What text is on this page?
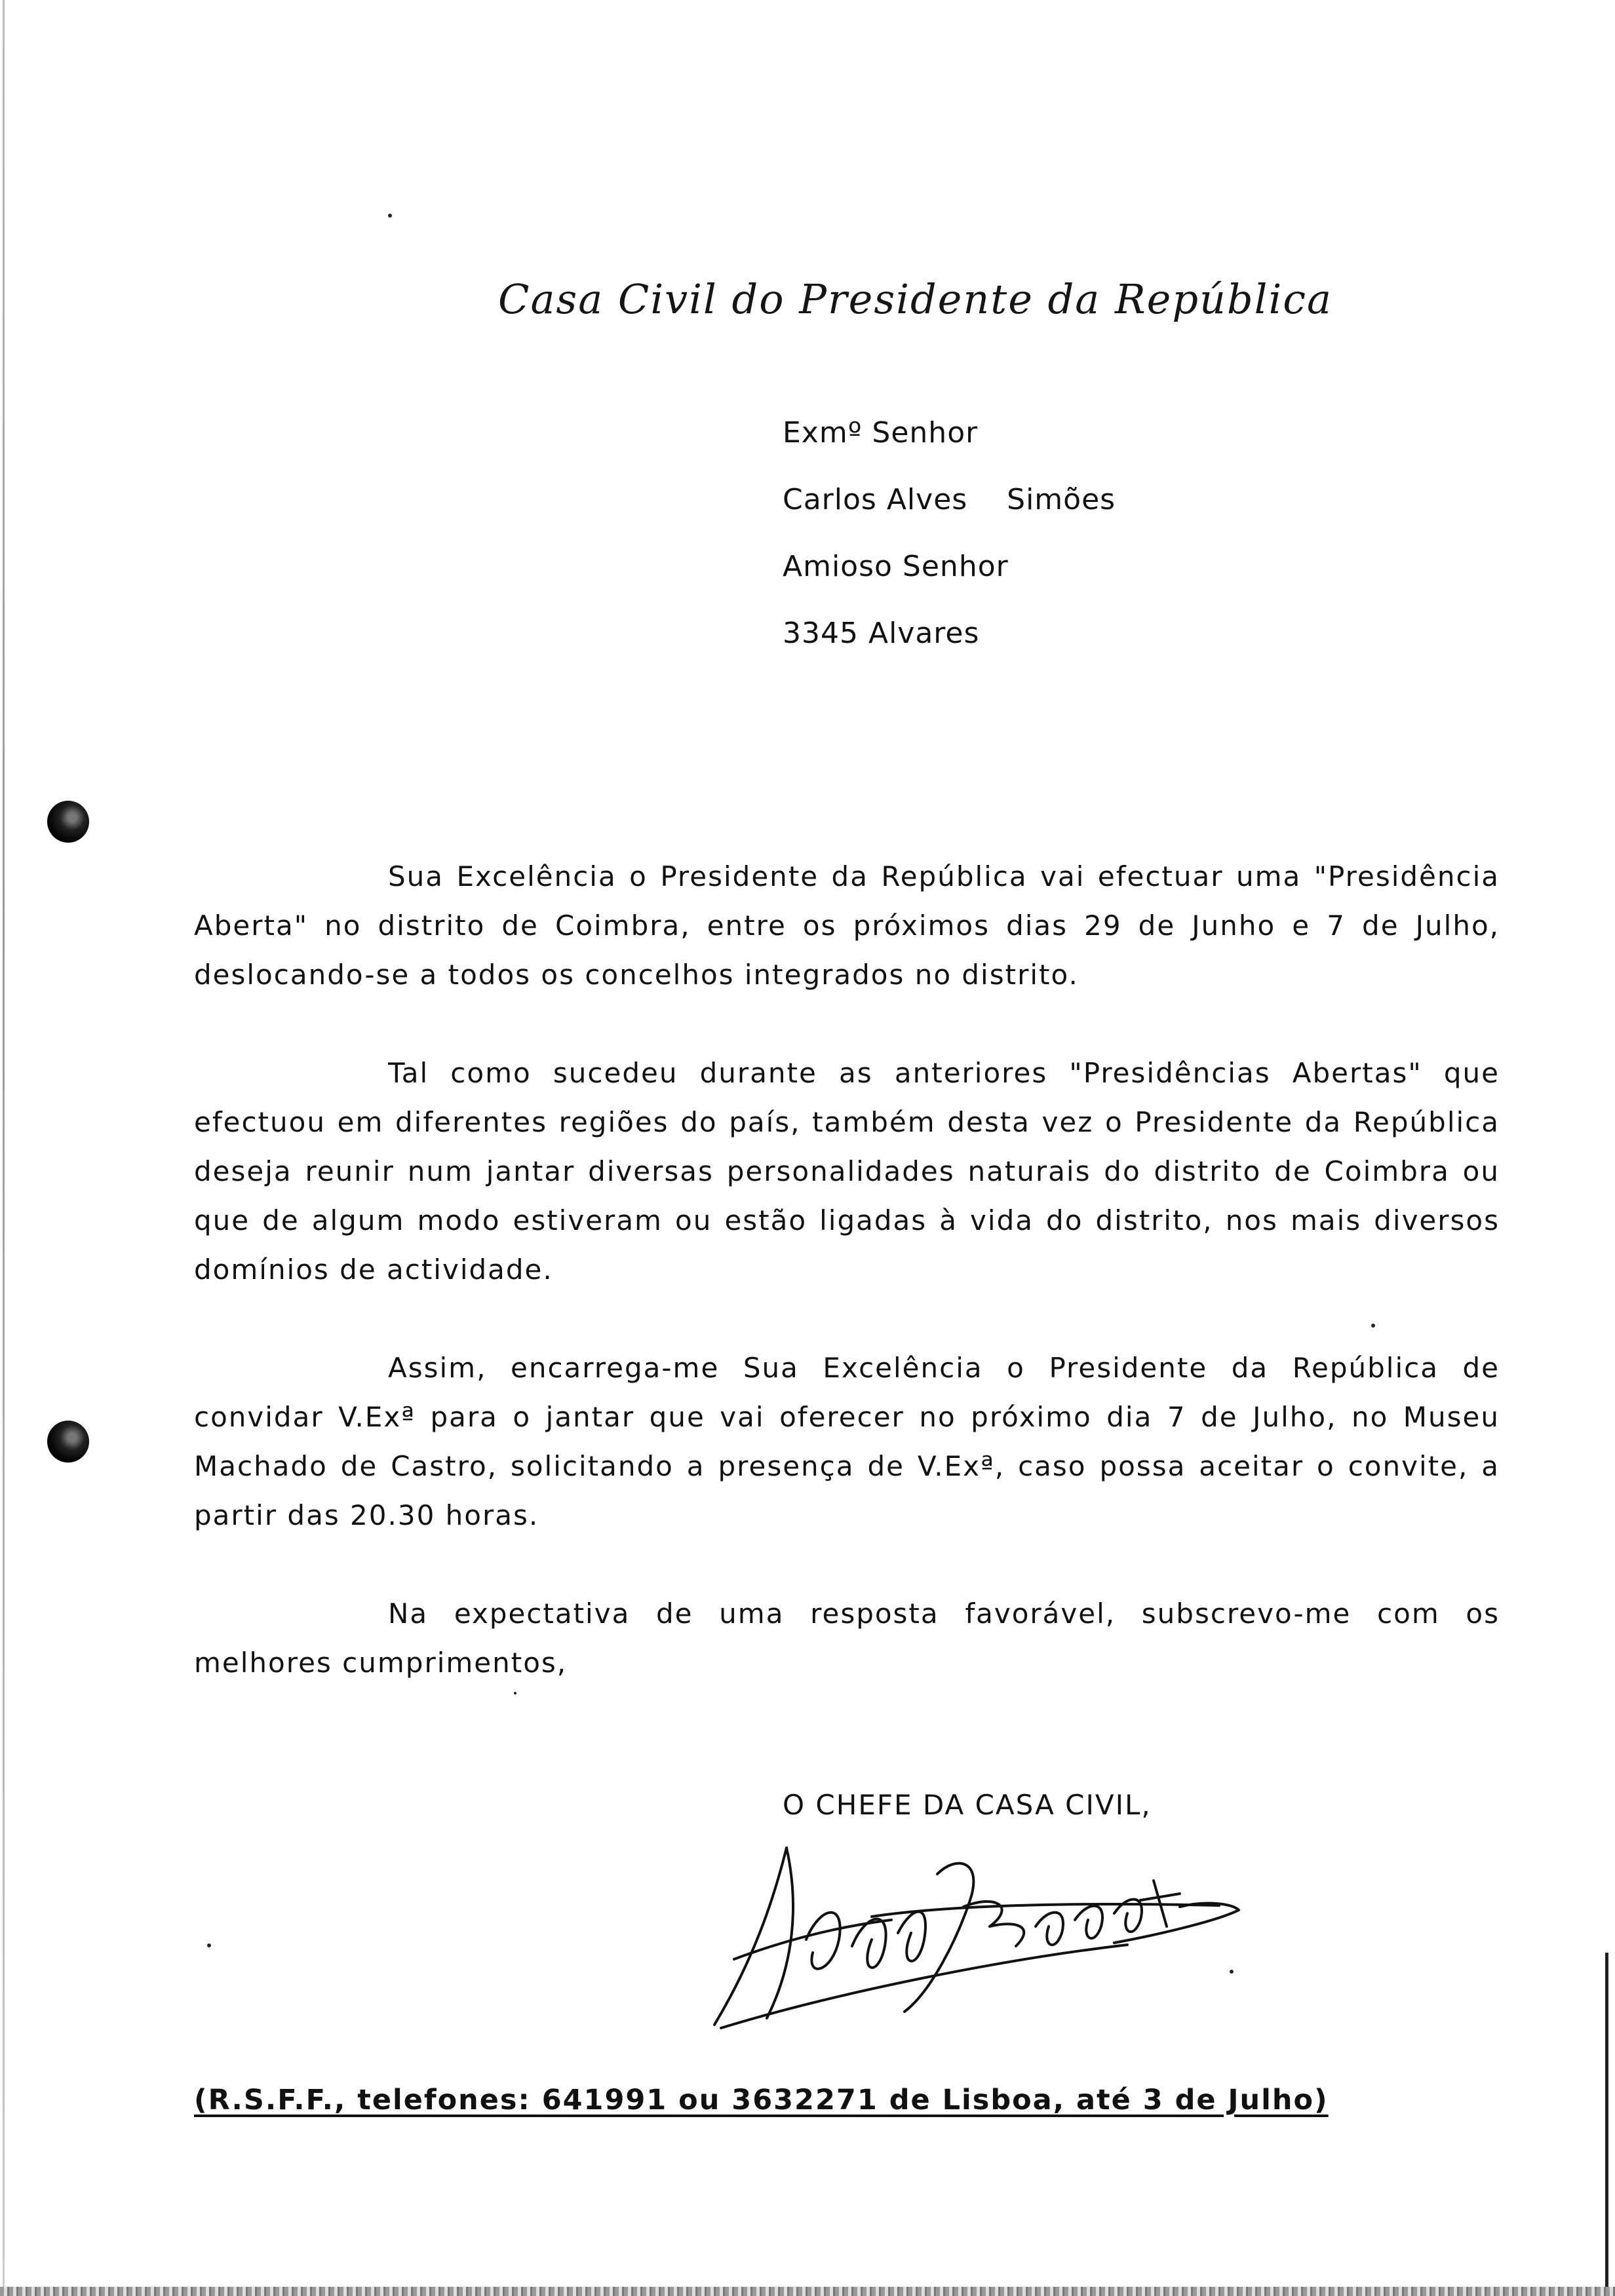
Casa Civil do Presidente da República
Exmº Senhor
Carlos Alves    Simões
Amioso Senhor
3345 Alvares

Sua Excelência o Presidente da República vai efectuar uma "Presidência Aberta" no distrito de Coimbra, entre os próximos dias 29 de Junho e 7 de Julho, deslocando-se a todos os concelhos integrados no distrito.

Tal como sucedeu durante as anteriores "Presidências Abertas" que efectuou em diferentes regiões do país, também desta vez o Presidente da República deseja reunir num jantar diversas personalidades naturais do distrito de Coimbra ou que de algum modo estiveram ou estão ligadas à vida do distrito, nos mais diversos domínios de actividade.

Assim, encarrega-me Sua Excelência o Presidente da República de convidar V.Exª para o jantar que vai oferecer no próximo dia 7 de Julho, no Museu Machado de Castro, solicitando a presença de V.Exª, caso possa aceitar o convite, a partir das 20.30 horas.

Na expectativa de uma resposta favorável, subscrevo-me com os melhores cumprimentos,

O CHEFE DA CASA CIVIL,
(R.S.F.F., telefones: 641991 ou 3632271 de Lisboa, até 3 de Julho)
